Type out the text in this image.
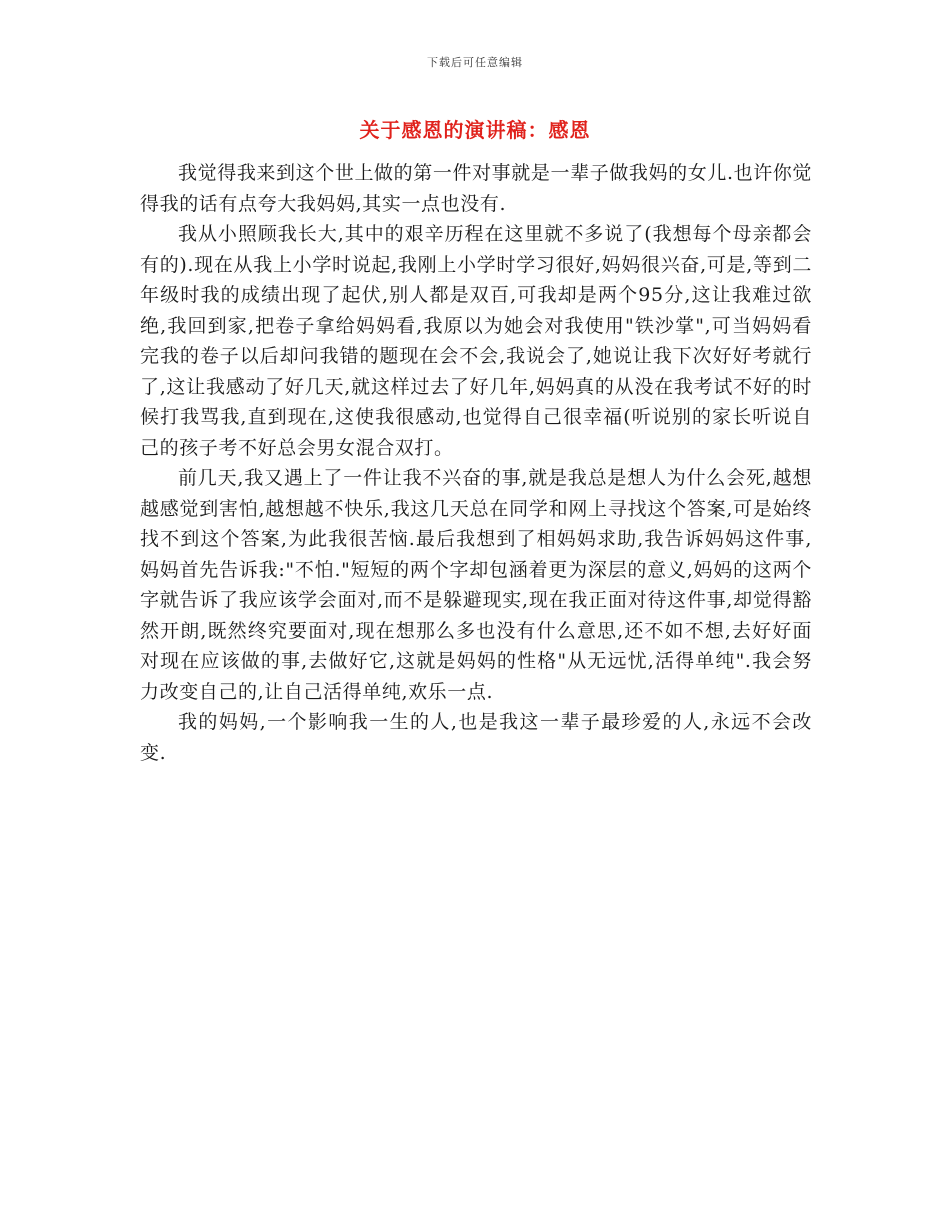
下载后可任意编辑
关于感恩的演讲稿：感恩

我觉得我来到这个世上做的第一件对事就是一辈子做我妈的女儿.也许你觉得我的话有点夸大我妈妈,其实一点也没有.

我从小照顾我长大,其中的艰辛历程在这里就不多说了(我想每个母亲都会有的).现在从我上小学时说起,我刚上小学时学习很好,妈妈很兴奋,可是,等到二年级时我的成绩出现了起伏,别人都是双百,可我却是两个95分,这让我难过欲绝,我回到家,把卷子拿给妈妈看,我原以为她会对我使用"铁沙掌",可当妈妈看完我的卷子以后却问我错的题现在会不会,我说会了,她说让我下次好好考就行了,这让我感动了好几天,就这样过去了好几年,妈妈真的从没在我考试不好的时候打我骂我,直到现在,这使我很感动,也觉得自己很幸福(听说别的家长听说自己的孩子考不好总会男女混合双打。

前几天,我又遇上了一件让我不兴奋的事,就是我总是想人为什么会死,越想越感觉到害怕,越想越不快乐,我这几天总在同学和网上寻找这个答案,可是始终找不到这个答案,为此我很苦恼.最后我想到了相妈妈求助,我告诉妈妈这件事,妈妈首先告诉我:"不怕."短短的两个字却包涵着更为深层的意义,妈妈的这两个字就告诉了我应该学会面对,而不是躲避现实,现在我正面对待这件事,却觉得豁然开朗,既然终究要面对,现在想那么多也没有什么意思,还不如不想,去好好面对现在应该做的事,去做好它,这就是妈妈的性格"从无远忧,活得单纯".我会努力改变自己的,让自己活得单纯,欢乐一点.

我的妈妈,一个影响我一生的人,也是我这一辈子最珍爱的人,永远不会改变.
